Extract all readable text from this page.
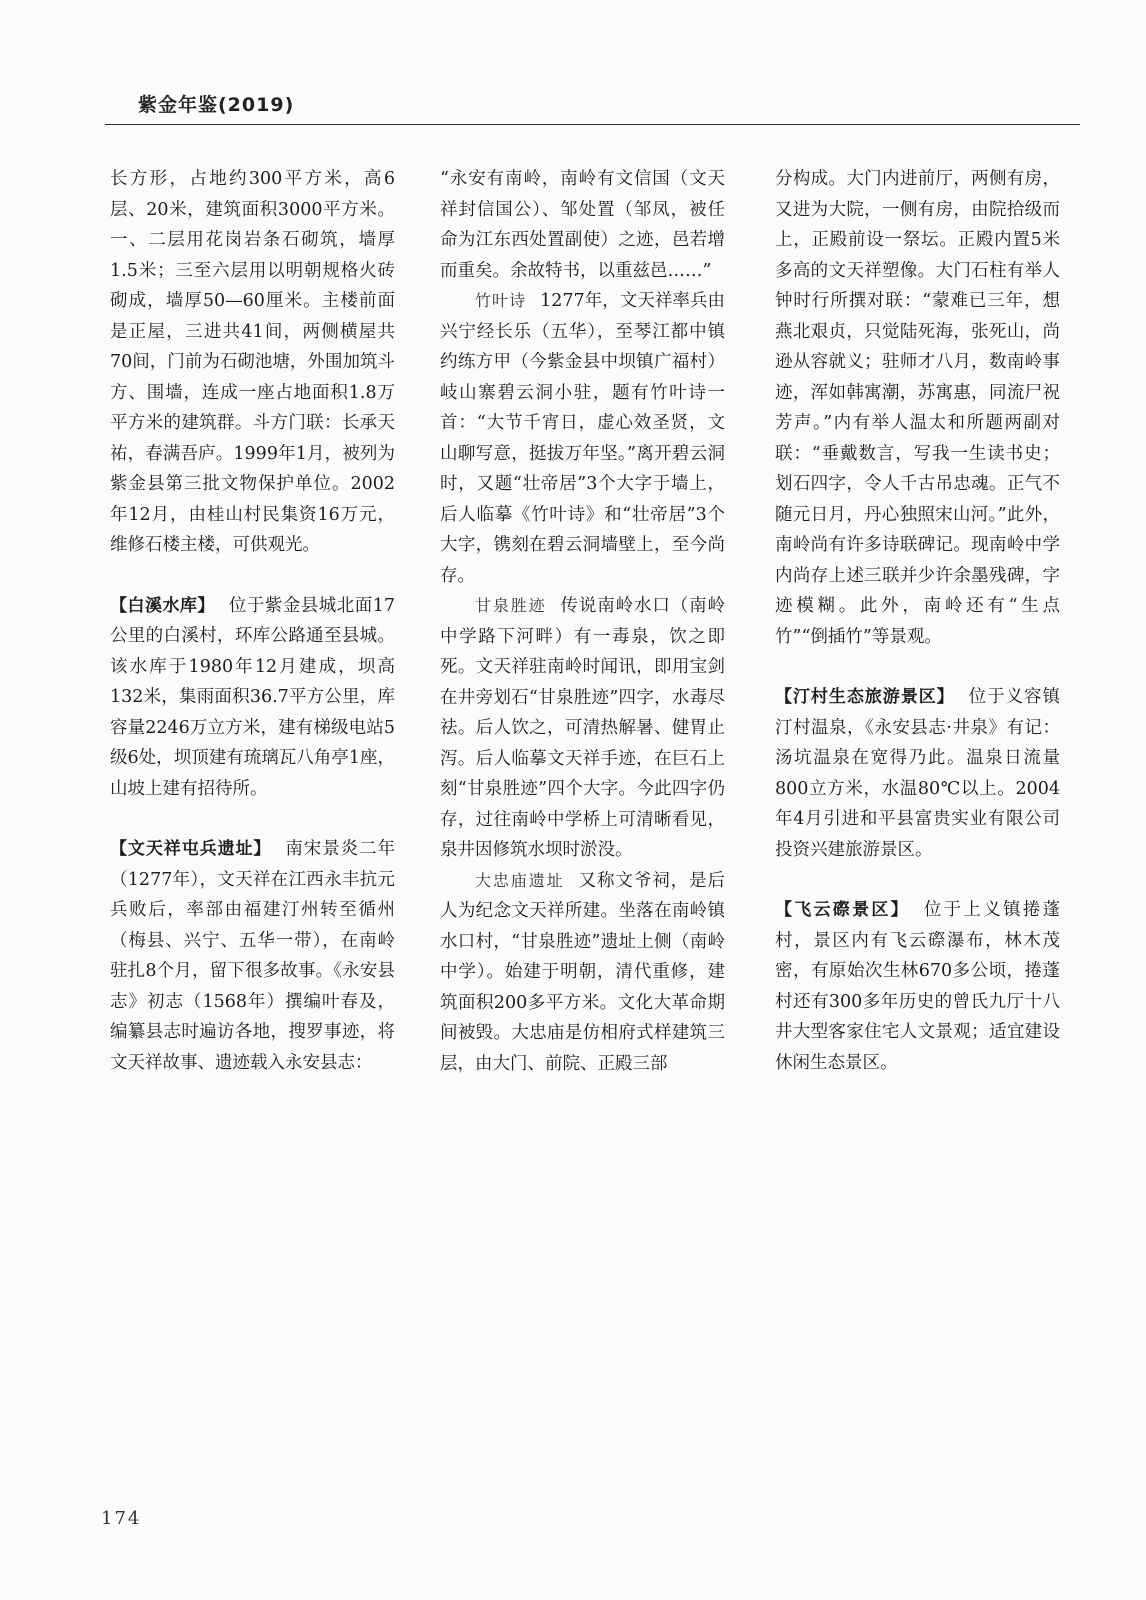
紫金年鉴(2019)

长方形，占地约300平方米，高6层、20米，建筑面积3000平方米。一、二层用花岗岩条石砌筑，墙厚1.5米；三至六层用以明朝规格火砖砌成，墙厚50—60厘米。主楼前面是正屋，三进共41间，两侧横屋共70间，门前为石砌池塘，外围加筑斗方、围墙，连成一座占地面积1.8万平方米的建筑群。斗方门联：长承天祐，春满吾庐。1999年1月，被列为紫金县第三批文物保护单位。2002年12月，由桂山村民集资16万元，维修石楼主楼，可供观光。

【白溪水库】 位于紫金县城北面17公里的白溪村，环库公路通至县城。该水库于1980年12月建成，坝高132米，集雨面积36.7平方公里，库容量2246万立方米，建有梯级电站5级6处，坝顶建有琉璃瓦八角亭1座，山坡上建有招待所。

【文天祥屯兵遗址】 南宋景炎二年（1277年），文天祥在江西永丰抗元兵败后，率部由福建汀州转至循州（梅县、兴宁、五华一带），在南岭驻扎8个月，留下很多故事。《永安县志》初志（1568年）撰编叶春及，编纂县志时遍访各地，搜罗事迹，将文天祥故事、遗迹载入永安县志：

“永安有南岭，南岭有文信国（文天祥封信国公）、邹处置（邹凤，被任命为江东西处置副使）之迹，邑若增而重矣。余故特书，以重兹邑……”

竹叶诗 1277年，文天祥率兵由兴宁经长乐（五华），至琴江都中镇约练方甲（今紫金县中坝镇广福村）岐山寨碧云洞小驻，题有竹叶诗一首：“大节千宵日，虚心效圣贤，文山聊写意，挺拔万年坚。”离开碧云洞时，又题“壮帝居”3个大字于墙上，后人临摹《竹叶诗》和“壮帝居”3个大字，镌刻在碧云洞墙壁上，至今尚存。

甘泉胜迹 传说南岭水口（南岭中学路下河畔）有一毒泉，饮之即死。文天祥驻南岭时闻讯，即用宝剑在井旁划石“甘泉胜迹”四字，水毒尽祛。后人饮之，可清热解暑、健胃止泻。后人临摹文天祥手迹，在巨石上刻“甘泉胜迹”四个大字。今此四字仍存，过往南岭中学桥上可清晰看见，泉井因修筑水坝时淤没。

大忠庙遗址 又称文爷祠，是后人为纪念文天祥所建。坐落在南岭镇水口村，“甘泉胜迹”遗址上侧（南岭中学）。始建于明朝，清代重修，建筑面积200多平方米。文化大革命期间被毁。大忠庙是仿相府式样建筑三层，由大门、前院、正殿三部

分构成。大门内进前厅，两侧有房，又进为大院，一侧有房，由院拾级而上，正殿前设一祭坛。正殿内置5米多高的文天祥塑像。大门石柱有举人钟时行所撰对联：“蒙难已三年，想燕北艰贞，只觉陆死海，张死山，尚逊从容就义；驻师才八月，数南岭事迹，浑如韩寓潮，苏寓惠，同流尸祝芳声。”内有举人温太和所题两副对联：“垂戴数言，写我一生读书史；划石四字，令人千古吊忠魂。正气不随元日月，丹心独照宋山河。”此外，南岭尚有许多诗联碑记。现南岭中学内尚存上述三联并少许余墨残碑，字迹模糊。此外，南岭还有“生点竹”“倒插竹”等景观。

【汀村生态旅游景区】 位于义容镇汀村温泉，《永安县志·井泉》有记：汤坑温泉在宽得乃此。温泉日流量800立方米，水温80℃以上。2004年4月引进和平县富贵实业有限公司投资兴建旅游景区。

【飞云磜景区】 位于上义镇捲蓬村，景区内有飞云磜瀑布，林木茂密，有原始次生林670多公顷，捲蓬村还有300多年历史的曾氏九厅十八井大型客家住宅人文景观；适宜建设休闲生态景区。

174
